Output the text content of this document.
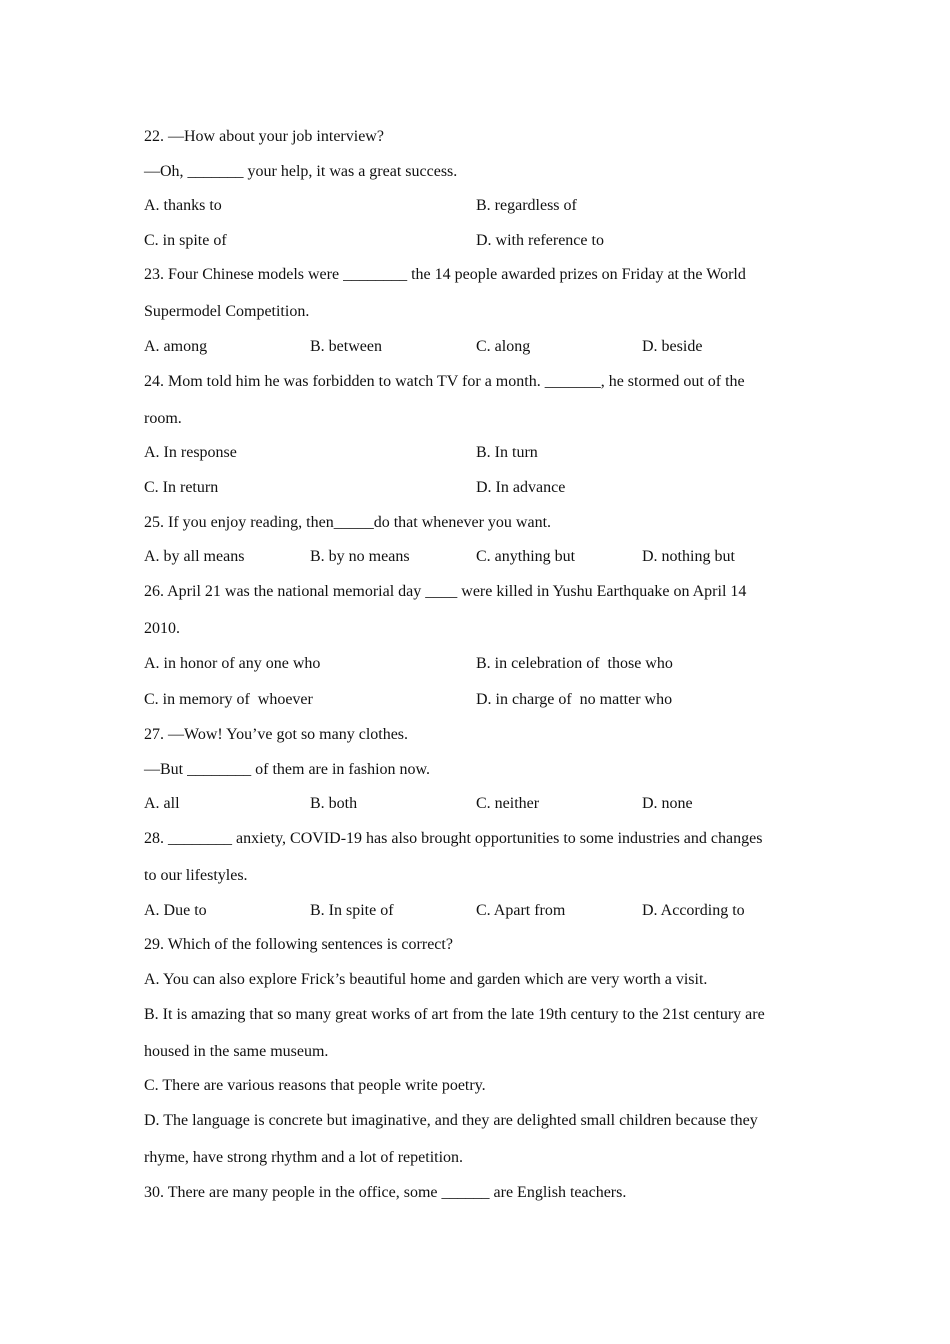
22. —How about your job interview?
—Oh, _______ your help, it was a great success.
A. thanks to	B. regardless of
C. in spite of	D. with reference to
23. Four Chinese models were ________ the 14 people awarded prizes on Friday at the World
Supermodel Competition.
A. among	B. between	C. along	D. beside
24. Mom told him he was forbidden to watch TV for a month. _______, he stormed out of the
room.
A. In response	B. In turn
C. In return	D. In advance
25. If you enjoy reading, then_____do that whenever you want.
A. by all means	B. by no means	C. anything but	D. nothing but
26. April 21 was the national memorial day ____ were killed in Yushu Earthquake on April 14
2010.
A. in honor of any one who	B. in celebration of  those who
C. in memory of  whoever	D. in charge of  no matter who
27. —Wow! You’ve got so many clothes.
—But ________ of them are in fashion now.
A. all	B. both	C. neither	D. none
28. ________ anxiety, COVID-19 has also brought opportunities to some industries and changes
to our lifestyles.
A. Due to	B. In spite of	C. Apart from	D. According to
29. Which of the following sentences is correct?
A. You can also explore Frick’s beautiful home and garden which are very worth a visit.
B. It is amazing that so many great works of art from the late 19th century to the 21st century are
housed in the same museum.
C. There are various reasons that people write poetry.
D. The language is concrete but imaginative, and they are delighted small children because they
rhyme, have strong rhythm and a lot of repetition.
30. There are many people in the office, some ______ are English teachers.
